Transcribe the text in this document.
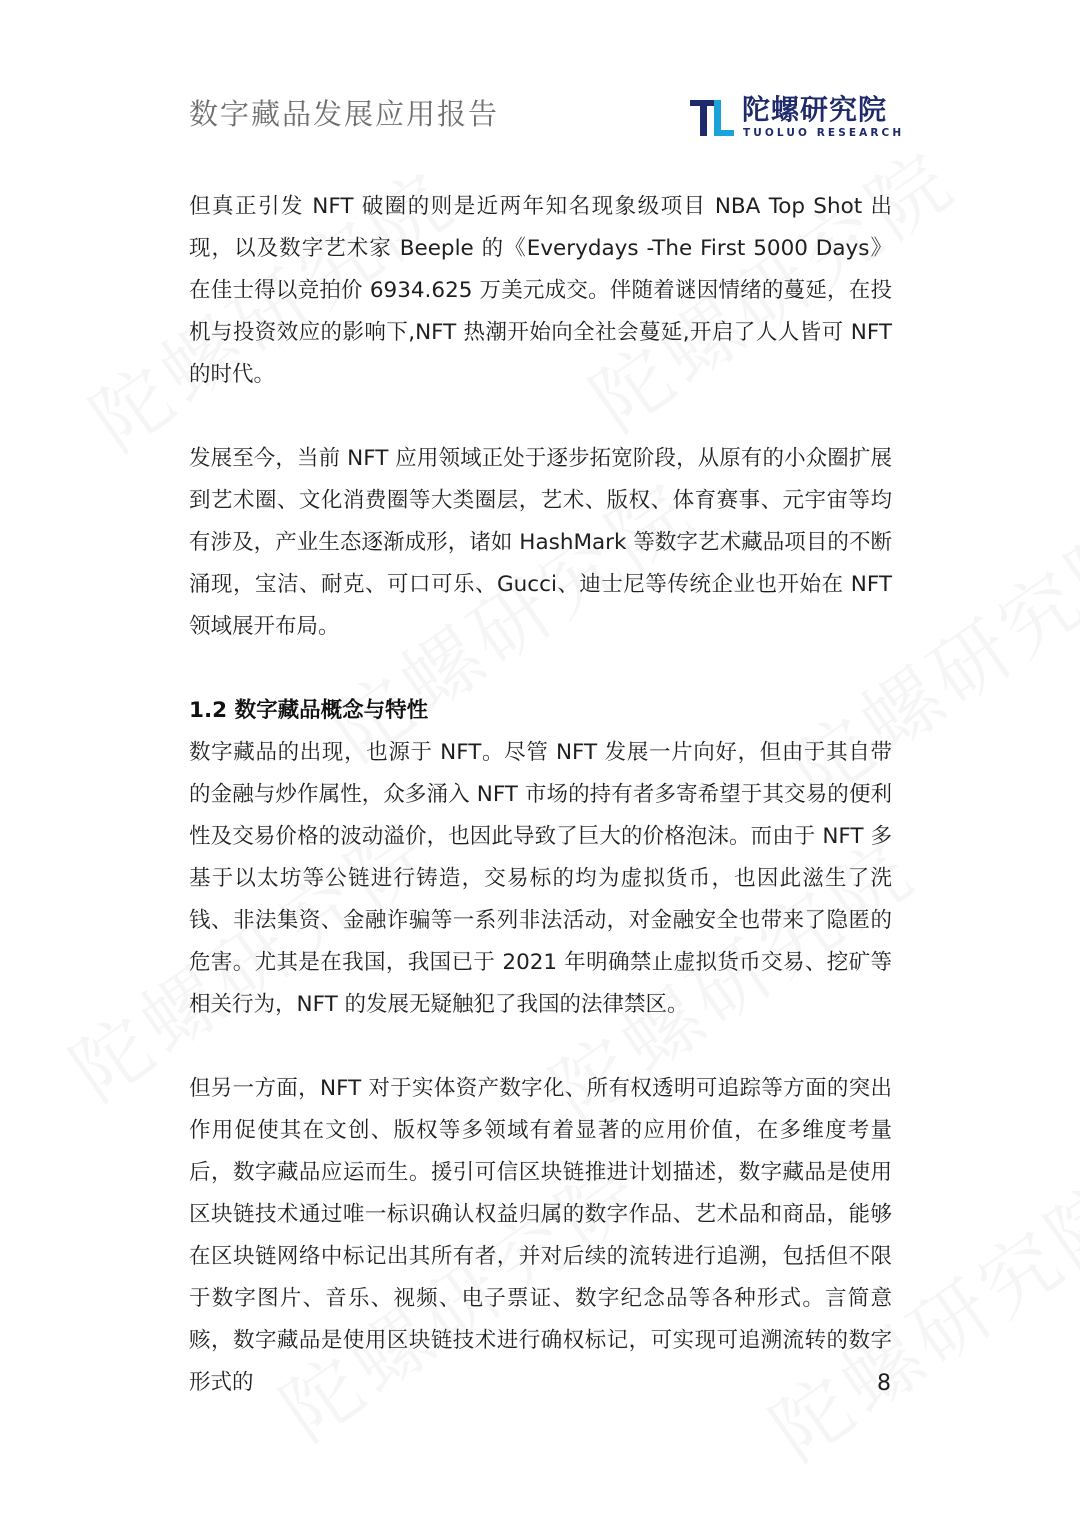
数字藏品发展应用报告	陀螺研究院
TUOLUO RESEARCH

但真正引发 NFT 破圈的则是近两年知名现象级项目 NBA Top Shot 出现，以及数字艺术家 Beeple 的《Everydays -The First 5000 Days》在佳士得以竞拍价 6934.625 万美元成交。伴随着谜因情绪的蔓延，在投机与投资效应的影响下,NFT 热潮开始向全社会蔓延,开启了人人皆可 NFT 的时代。

发展至今，当前 NFT 应用领域正处于逐步拓宽阶段，从原有的小众圈扩展到艺术圈、文化消费圈等大类圈层，艺术、版权、体育赛事、元宇宙等均有涉及，产业生态逐渐成形，诸如 HashMark 等数字艺术藏品项目的不断涌现，宝洁、耐克、可口可乐、Gucci、迪士尼等传统企业也开始在 NFT 领域展开布局。

1.2 数字藏品概念与特性

数字藏品的出现，也源于 NFT。尽管 NFT 发展一片向好，但由于其自带的金融与炒作属性，众多涌入 NFT 市场的持有者多寄希望于其交易的便利性及交易价格的波动溢价，也因此导致了巨大的价格泡沫。而由于 NFT 多基于以太坊等公链进行铸造，交易标的均为虚拟货币，也因此滋生了洗钱、非法集资、金融诈骗等一系列非法活动，对金融安全也带来了隐匿的危害。尤其是在我国，我国已于 2021 年明确禁止虚拟货币交易、挖矿等相关行为，NFT 的发展无疑触犯了我国的法律禁区。

但另一方面，NFT 对于实体资产数字化、所有权透明可追踪等方面的突出作用促使其在文创、版权等多领域有着显著的应用价值，在多维度考量后，数字藏品应运而生。援引可信区块链推进计划描述，数字藏品是使用区块链技术通过唯一标识确认权益归属的数字作品、艺术品和商品，能够在区块链网络中标记出其所有者，并对后续的流转进行追溯，包括但不限于数字图片、音乐、视频、电子票证、数字纪念品等各种形式。言简意赅，数字藏品是使用区块链技术进行确权标记，可实现可追溯流转的数字形式的	8
